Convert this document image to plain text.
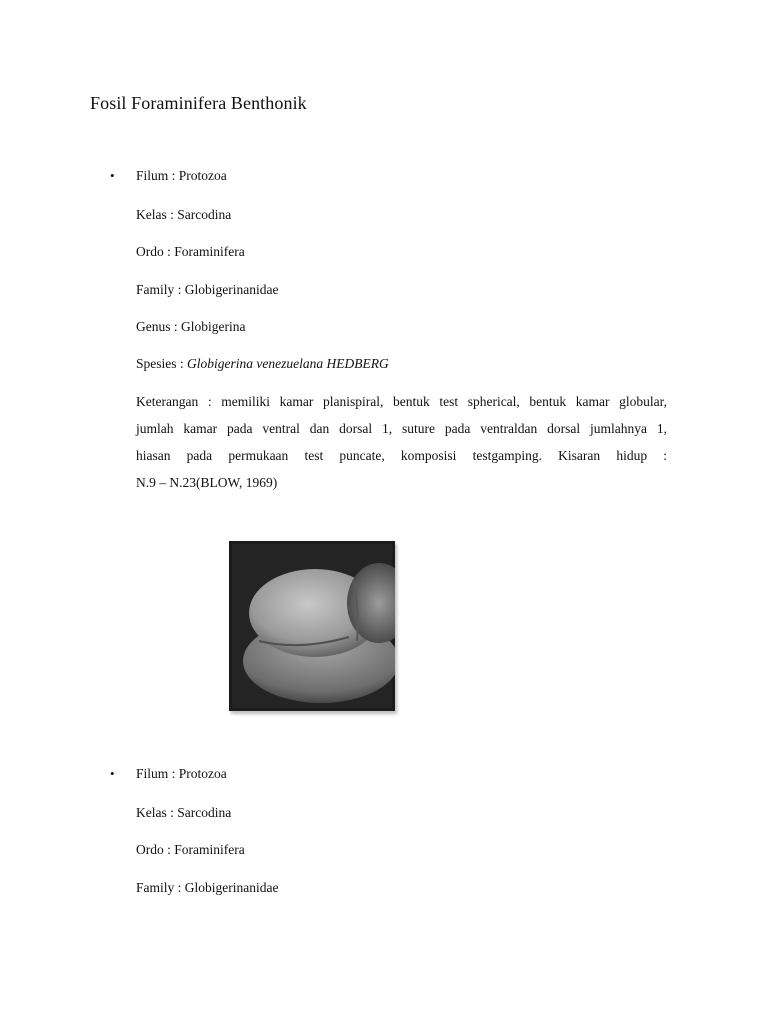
Fosil Foraminifera Benthonik
• Filum : Protozoa
Kelas : Sarcodina
Ordo : Foraminifera
Family : Globigerinanidae
Genus : Globigerina
Spesies : Globigerina venezuelana HEDBERG
Keterangan : memiliki kamar planispiral, bentuk test spherical, bentuk kamar globular,
jumlah kamar pada ventral dan dorsal 1, suture pada ventraldan dorsal jumlahnya 1,
hiasan pada permukaan test puncate, komposisi testgamping. Kisaran hidup :
N.9 – N.23(BLOW, 1969)
• Filum : Protozoa
Kelas : Sarcodina
Ordo : Foraminifera
Family : Globigerinanidae
